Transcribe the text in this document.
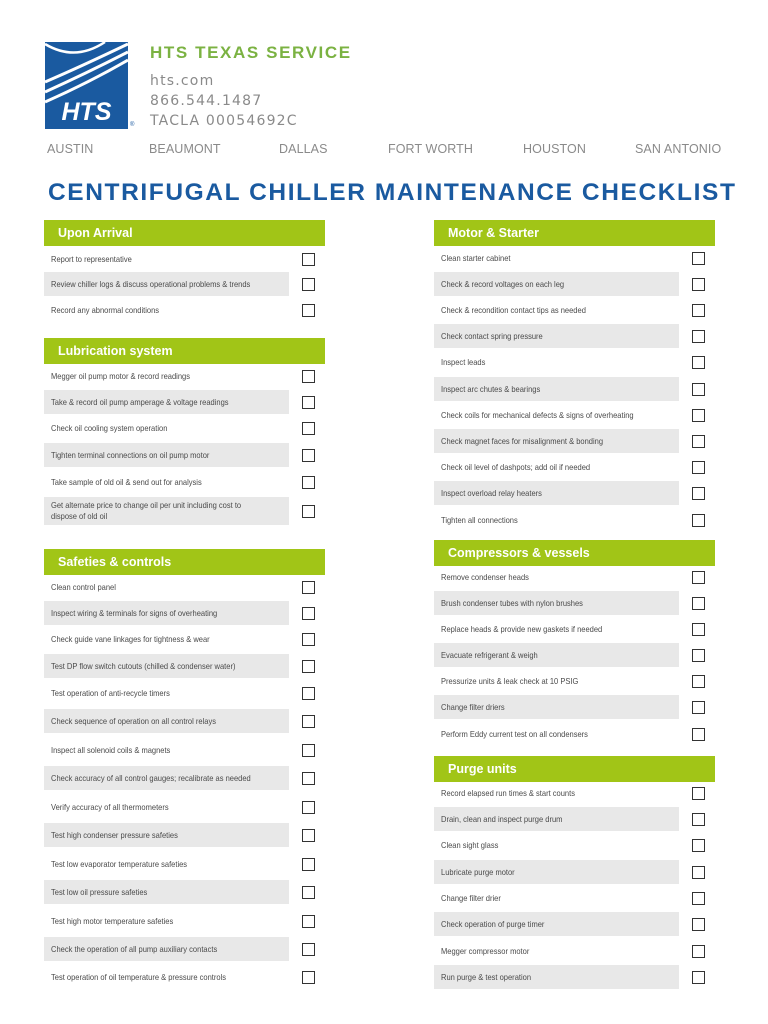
HTS	®
HTS TEXAS SERVICE
hts.com
866.544.1487
TACLA 00054692C
AUSTIN	BEAUMONT	DALLAS	FORT WORTH	HOUSTON	SAN ANTONIO
CENTRIFUGAL CHILLER MAINTENANCE CHECKLIST
Upon Arrival
Report to representative
Review chiller logs & discuss operational problems & trends
Record any abnormal conditions
Lubrication system
Megger oil pump motor & record readings
Take & record oil pump amperage & voltage readings
Check oil cooling system operation
Tighten terminal connections on oil pump motor
Take sample of old oil & send out for analysis
Get alternate price to change oil per unit including cost to dispose of old oil
Safeties & controls
Clean control panel
Inspect wiring & terminals for signs of overheating
Check guide vane linkages for tightness & wear
Test DP flow switch cutouts (chilled & condenser water)
Test operation of anti-recycle timers
Check sequence of operation on all control relays
Inspect all solenoid coils & magnets
Check accuracy of all control gauges; recalibrate as needed
Verify accuracy of all thermometers
Test high condenser pressure safeties
Test low evaporator temperature safeties
Test low oil pressure safeties
Test high motor temperature safeties
Check the operation of all pump auxiliary contacts
Test operation of oil temperature & pressure controls
Motor & Starter
Clean starter cabinet
Check & record voltages on each leg
Check & recondition contact tips as needed
Check contact spring pressure
Inspect leads
Inspect arc chutes & bearings
Check coils for mechanical defects & signs of overheating
Check magnet faces for misalignment & bonding
Check oil level of dashpots; add oil if needed
Inspect overload relay heaters
Tighten all connections
Compressors & vessels
Remove condenser heads
Brush condenser tubes with nylon brushes
Replace heads & provide new gaskets if needed
Evacuate refrigerant & weigh
Pressurize units & leak check at 10 PSIG
Change filter driers
Perform Eddy current test on all condensers
Purge units
Record elapsed run times & start counts
Drain, clean and inspect purge drum
Clean sight glass
Lubricate purge motor
Change filter drier
Check operation of purge timer
Megger compressor motor
Run purge & test operation
